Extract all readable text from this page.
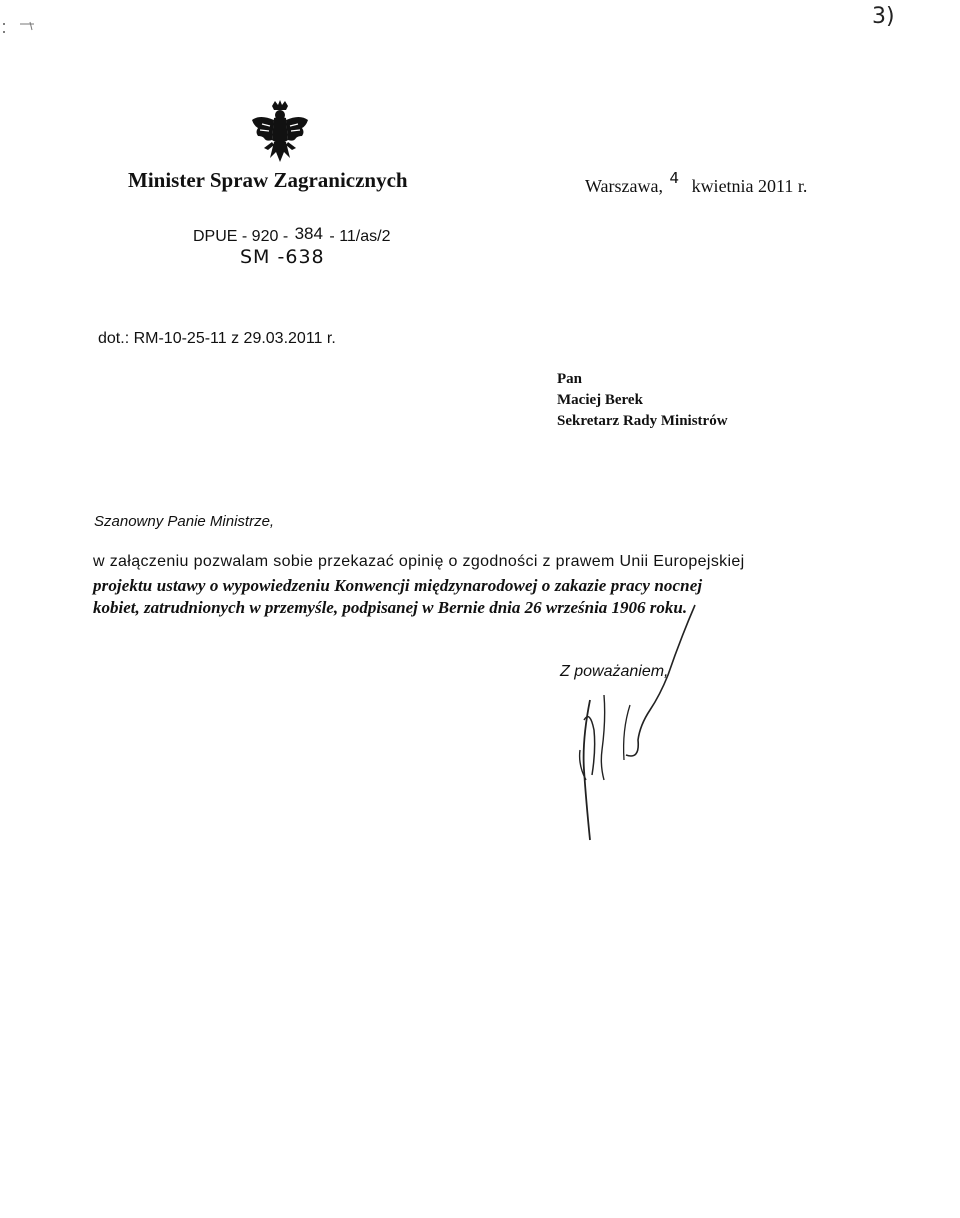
3)
Minister Spraw Zagranicznych	Warszawa, $^4$ kwietnia 2011 r.
DPUE - 920 - 384 - 11/as/2
SM -638
dot.: RM-10-25-11 z 29.03.2011 r.
Pan
Maciej Berek
Sekretarz Rady Ministrów
Szanowny Panie Ministrze,
w załączeniu pozwalam sobie przekazać opinię o zgodności z prawem Unii Europejskiej
projektu ustawy o wypowiedzeniu Konwencji międzynarodowej o zakazie pracy nocnej
kobiet, zatrudnionych w przemyśle, podpisanej w Bernie dnia 26 września 1906 roku.
Z poważaniem,
